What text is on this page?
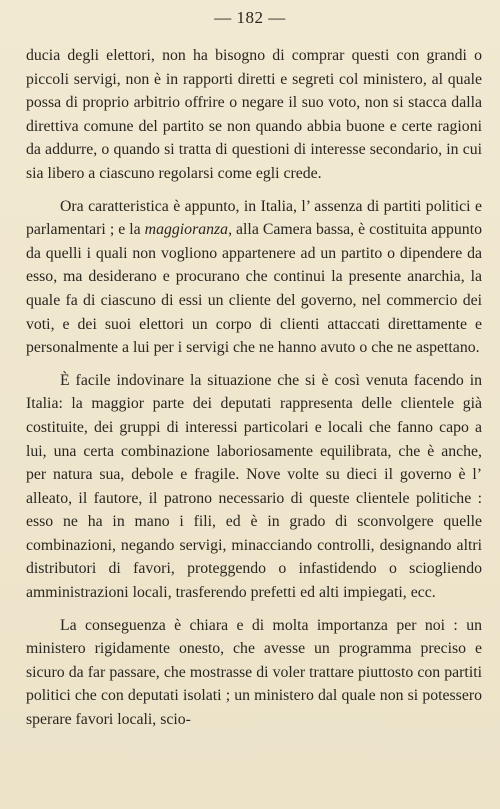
— 182 —

ducia degli elettori, non ha bisogno di comprar questi con grandi o piccoli servigi, non è in rapporti diretti e segreti col ministero, al quale possa di proprio arbitrio offrire o negare il suo voto, non si stacca dalla direttiva comune del partito se non quando abbia buone e certe ragioni da addurre, o quando si tratta di questioni di interesse secondario, in cui sia libero a ciascuno regolarsi come egli crede.

Ora caratteristica è appunto, in Italia, l’ assenza di partiti politici e parlamentari ; e la maggioranza, alla Camera bassa, è costituita appunto da quelli i quali non vogliono appartenere ad un partito o dipendere da esso, ma desiderano e procurano che continui la presente anarchia, la quale fa di ciascuno di essi un cliente del governo, nel commercio dei voti, e dei suoi elettori un corpo di clienti attaccati direttamente e personalmente a lui per i servigi che ne hanno avuto o che ne aspettano.

È facile indovinare la situazione che si è così venuta facendo in Italia: la maggior parte dei deputati rappresenta delle clientele già costituite, dei gruppi di interessi particolari e locali che fanno capo a lui, una certa combinazione laboriosamente equilibrata, che è anche, per natura sua, debole e fragile. Nove volte su dieci il governo è l’ alleato, il fautore, il patrono necessario di queste clientele politiche : esso ne ha in mano i fili, ed è in grado di sconvolgere quelle combinazioni, negando servigi, minacciando controlli, designando altri distributori di favori, proteggendo o infastidendo o sciogliendo amministrazioni locali, trasferendo prefetti ed alti impiegati, ecc.

La conseguenza è chiara e di molta importanza per noi : un ministero rigidamente onesto, che avesse un programma preciso e sicuro da far passare, che mostrasse di voler trattare piuttosto con partiti politici che con deputati isolati ; un ministero dal quale non si potessero sperare favori locali, scio-
